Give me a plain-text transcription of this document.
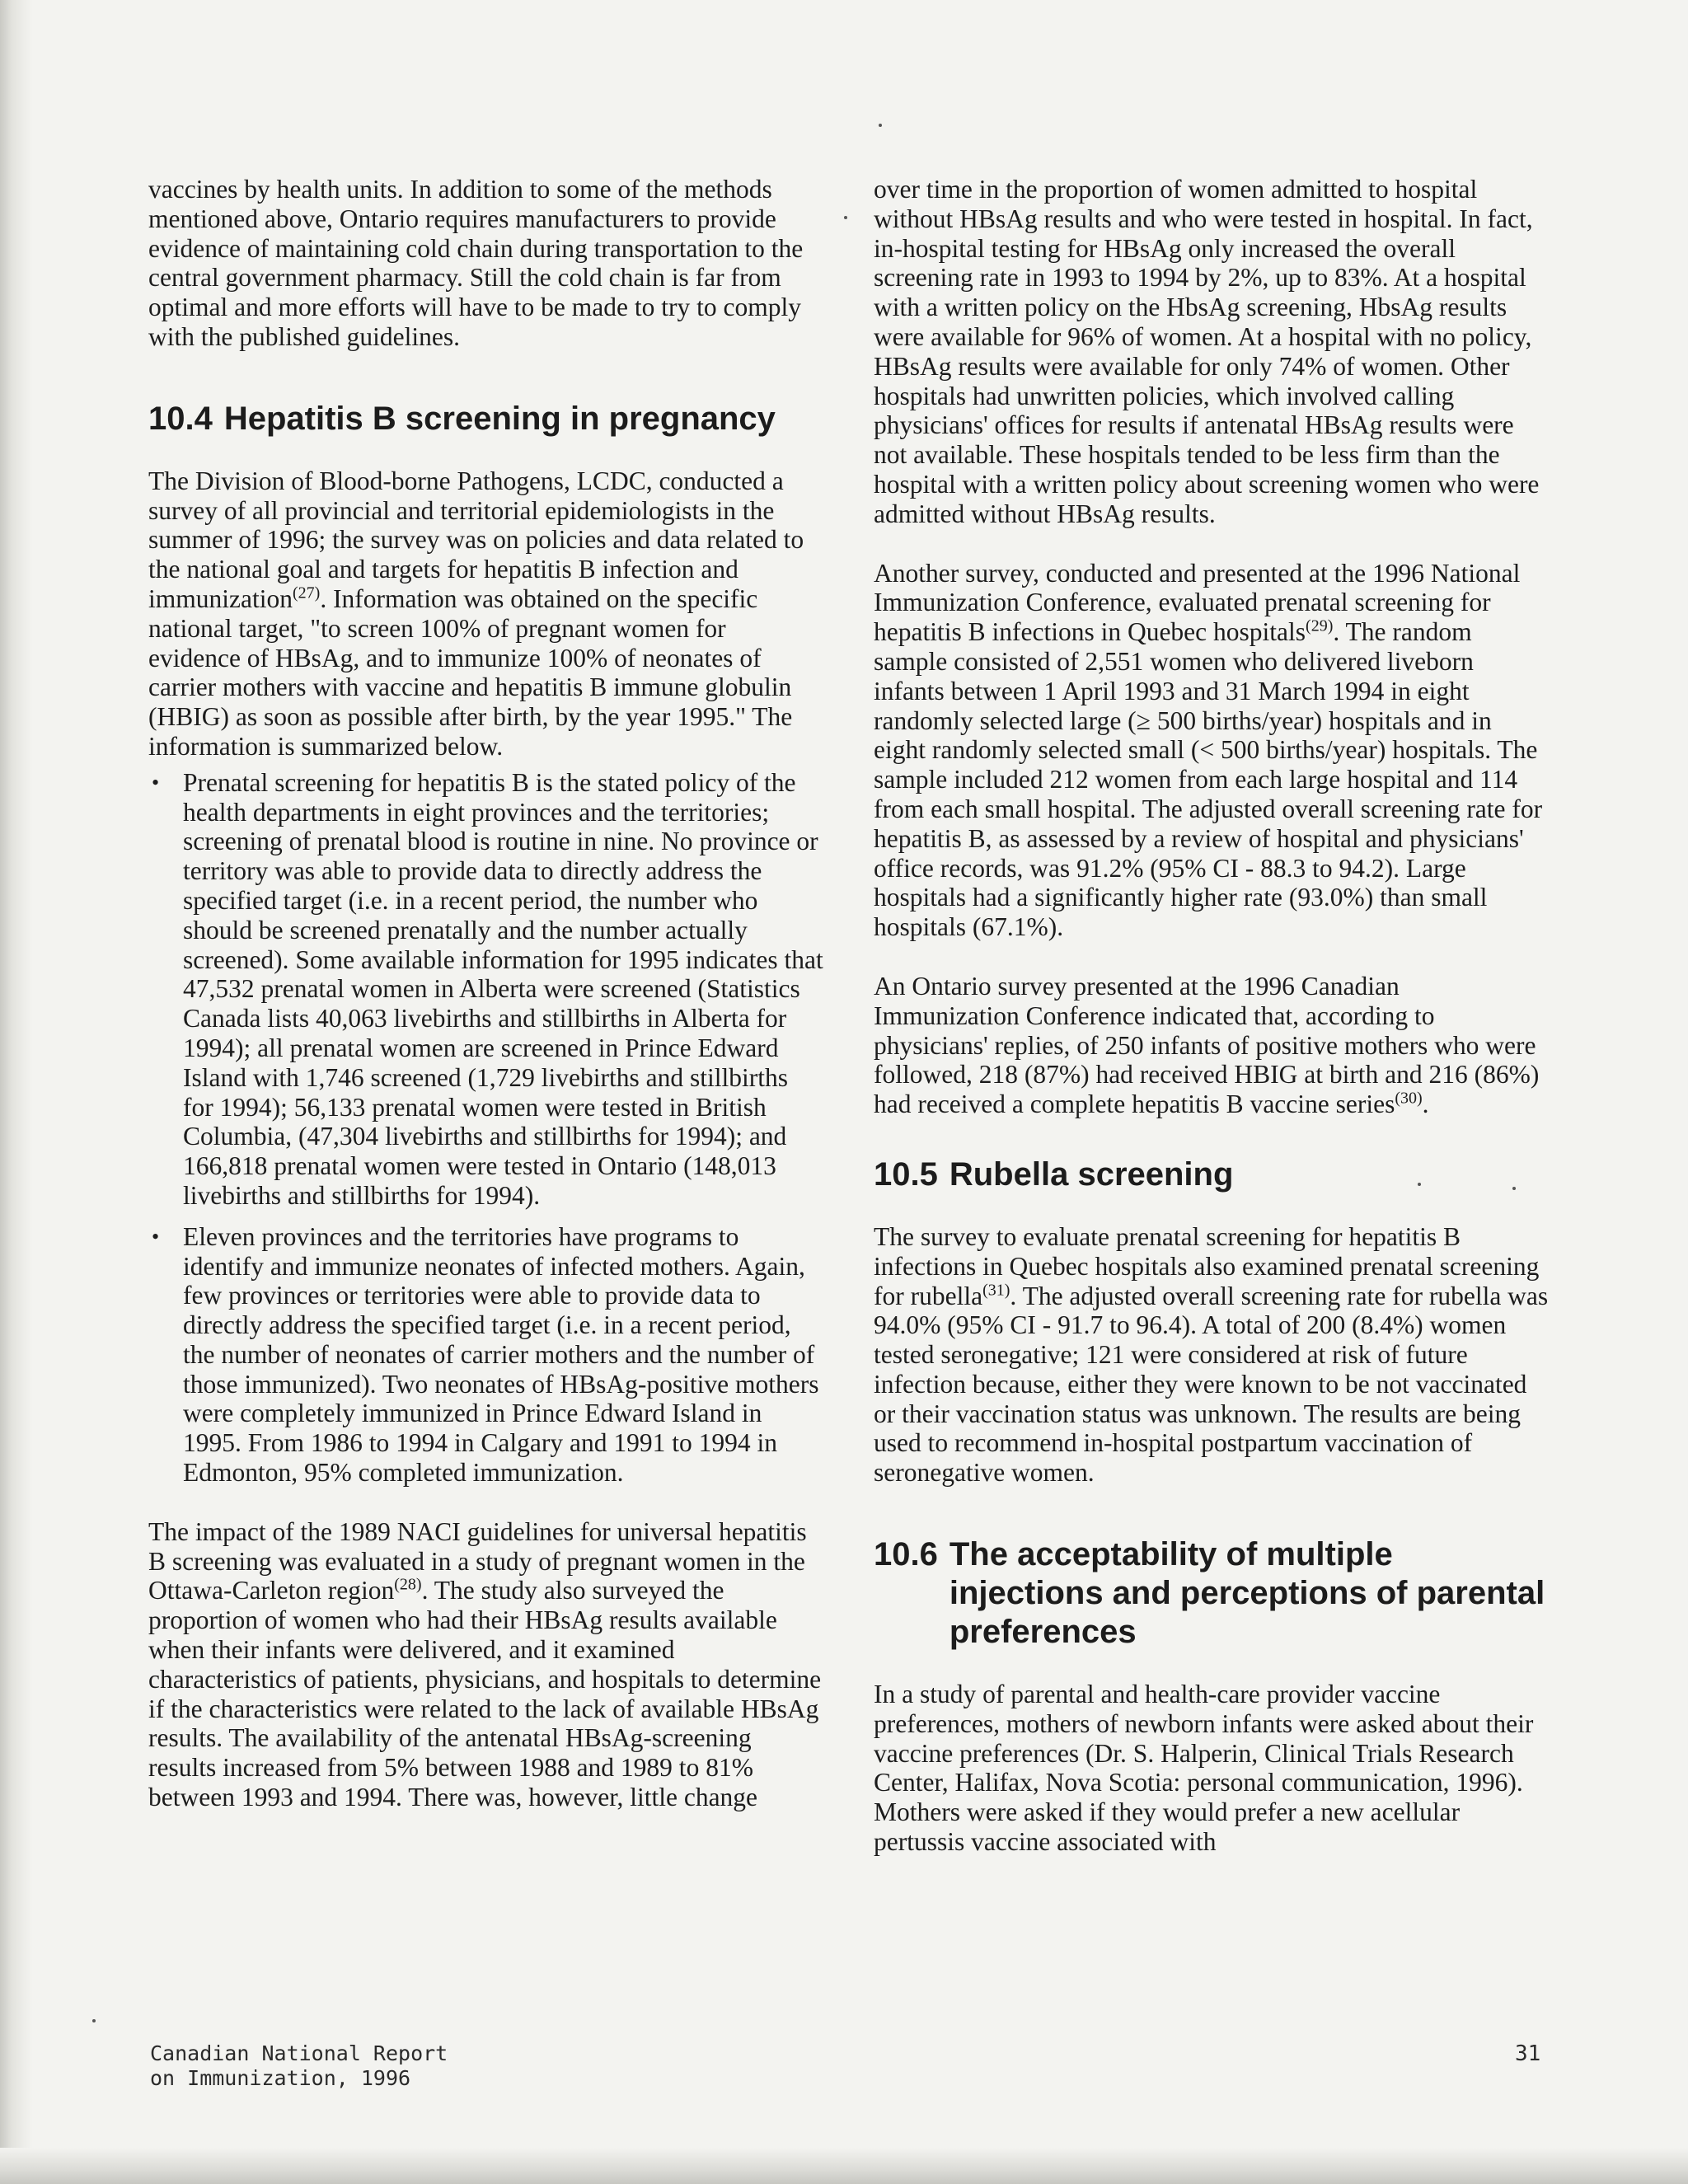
vaccines by health units. In addition to some of the methods mentioned above, Ontario requires manufacturers to provide evidence of maintaining cold chain during transportation to the central government pharmacy. Still the cold chain is far from optimal and more efforts will have to be made to try to comply with the published guidelines.

10.4 Hepatitis B screening in pregnancy

The Division of Blood-borne Pathogens, LCDC, conducted a survey of all provincial and territorial epidemiologists in the summer of 1996; the survey was on policies and data related to the national goal and targets for hepatitis B infection and immunization$^{(27)}$. Information was obtained on the specific national target, "to screen 100% of pregnant women for evidence of HBsAg, and to immunize 100% of neonates of carrier mothers with vaccine and hepatitis B immune globulin (HBIG) as soon as possible after birth, by the year 1995." The information is summarized below.

• Prenatal screening for hepatitis B is the stated policy of the health departments in eight provinces and the territories; screening of prenatal blood is routine in nine. No province or territory was able to provide data to directly address the specified target (i.e. in a recent period, the number who should be screened prenatally and the number actually screened). Some available information for 1995 indicates that 47,532 prenatal women in Alberta were screened (Statistics Canada lists 40,063 livebirths and stillbirths in Alberta for 1994); all prenatal women are screened in Prince Edward Island with 1,746 screened (1,729 livebirths and stillbirths for 1994); 56,133 prenatal women were tested in British Columbia, (47,304 livebirths and stillbirths for 1994); and 166,818 prenatal women were tested in Ontario (148,013 livebirths and stillbirths for 1994).
• Eleven provinces and the territories have programs to identify and immunize neonates of infected mothers. Again, few provinces or territories were able to provide data to directly address the specified target (i.e. in a recent period, the number of neonates of carrier mothers and the number of those immunized). Two neonates of HBsAg-positive mothers were completely immunized in Prince Edward Island in 1995. From 1986 to 1994 in Calgary and 1991 to 1994 in Edmonton, 95% completed immunization.

The impact of the 1989 NACI guidelines for universal hepatitis B screening was evaluated in a study of pregnant women in the Ottawa-Carleton region$^{(28)}$. The study also surveyed the proportion of women who had their HBsAg results available when their infants were delivered, and it examined characteristics of patients, physicians, and hospitals to determine if the characteristics were related to the lack of available HBsAg results. The availability of the antenatal HBsAg-screening results increased from 5% between 1988 and 1989 to 81% between 1993 and 1994. There was, however, little change

over time in the proportion of women admitted to hospital without HBsAg results and who were tested in hospital. In fact, in-hospital testing for HBsAg only increased the overall screening rate in 1993 to 1994 by 2%, up to 83%. At a hospital with a written policy on the HbsAg screening, HbsAg results were available for 96% of women. At a hospital with no policy, HBsAg results were available for only 74% of women. Other hospitals had unwritten policies, which involved calling physicians' offices for results if antenatal HBsAg results were not available. These hospitals tended to be less firm than the hospital with a written policy about screening women who were admitted without HBsAg results.

Another survey, conducted and presented at the 1996 National Immunization Conference, evaluated prenatal screening for hepatitis B infections in Quebec hospitals$^{(29)}$. The random sample consisted of 2,551 women who delivered liveborn infants between 1 April 1993 and 31 March 1994 in eight randomly selected large (≥ 500 births/year) hospitals and in eight randomly selected small (< 500 births/year) hospitals. The sample included 212 women from each large hospital and 114 from each small hospital. The adjusted overall screening rate for hepatitis B, as assessed by a review of hospital and physicians' office records, was 91.2% (95% CI - 88.3 to 94.2). Large hospitals had a significantly higher rate (93.0%) than small hospitals (67.1%).

An Ontario survey presented at the 1996 Canadian Immunization Conference indicated that, according to physicians' replies, of 250 infants of positive mothers who were followed, 218 (87%) had received HBIG at birth and 216 (86%) had received a complete hepatitis B vaccine series$^{(30)}$.

10.5 Rubella screening

The survey to evaluate prenatal screening for hepatitis B infections in Quebec hospitals also examined prenatal screening for rubella$^{(31)}$. The adjusted overall screening rate for rubella was 94.0% (95% CI - 91.7 to 96.4). A total of 200 (8.4%) women tested seronegative; 121 were considered at risk of future infection because, either they were known to be not vaccinated or their vaccination status was unknown. The results are being used to recommend in-hospital postpartum vaccination of seronegative women.

10.6 The acceptability of multiple injections and perceptions of parental preferences

In a study of parental and health-care provider vaccine preferences, mothers of newborn infants were asked about their vaccine preferences (Dr. S. Halperin, Clinical Trials Research Center, Halifax, Nova Scotia: personal communication, 1996). Mothers were asked if they would prefer a new acellular pertussis vaccine associated with

Canadian National Report
on Immunization, 1996
31
